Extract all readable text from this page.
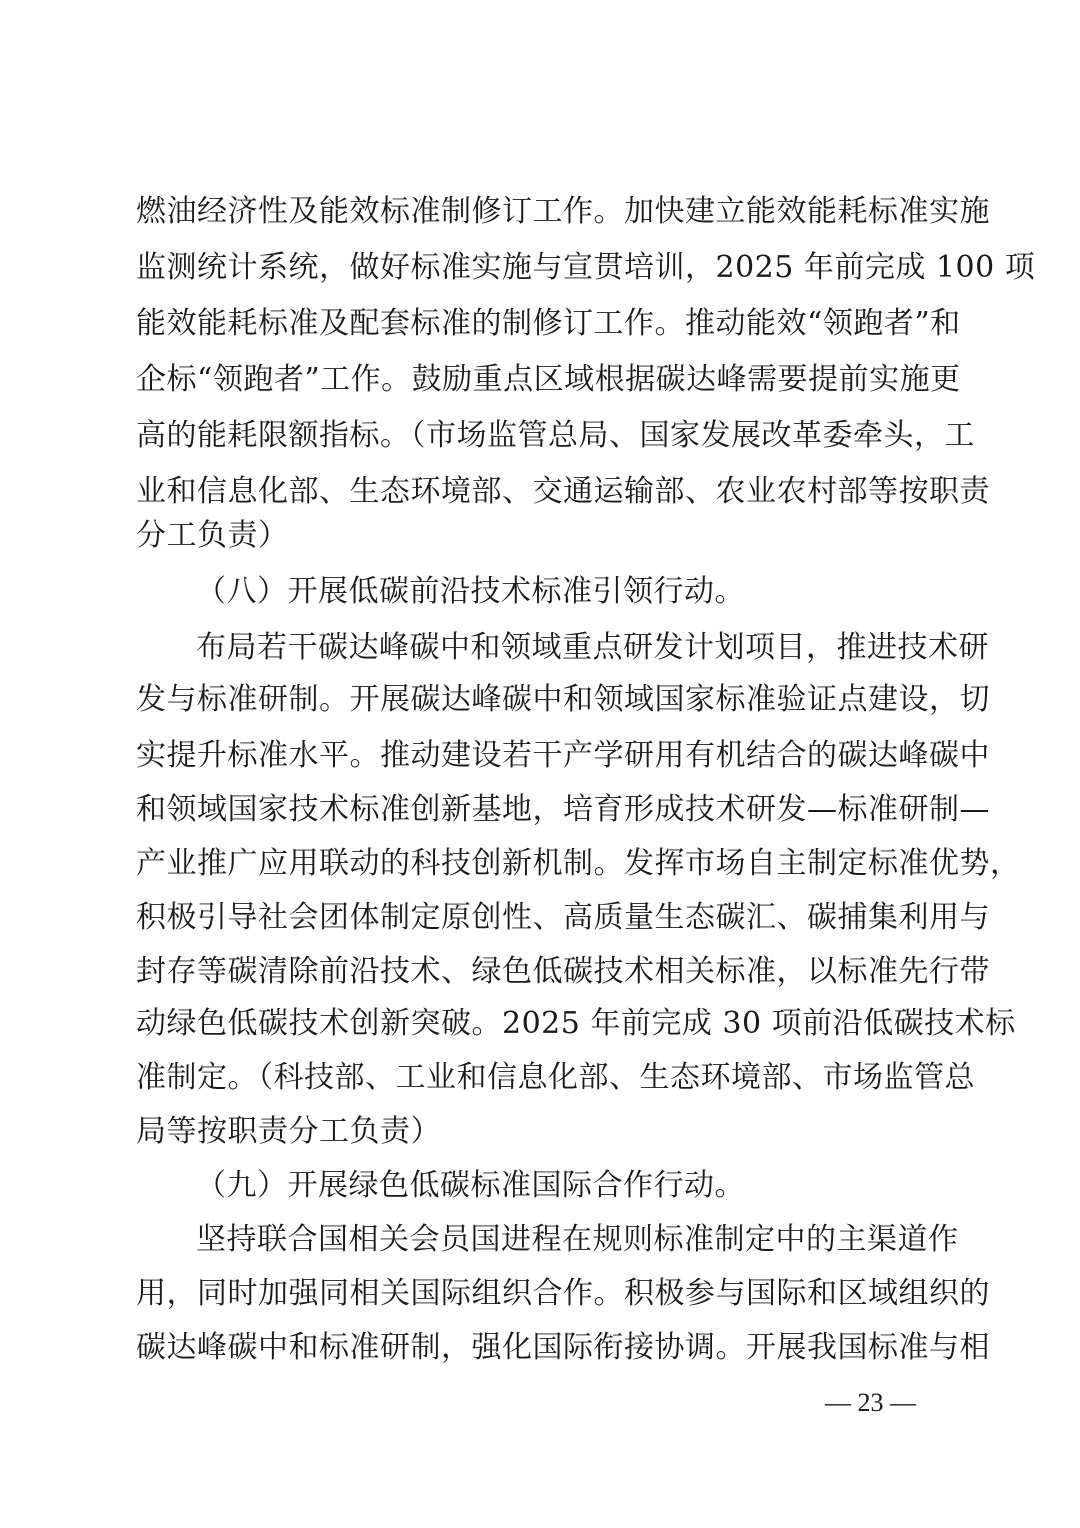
燃油经济性及能效标准制修订工作。加快建立能效能耗标准实施
监测统计系统，做好标准实施与宣贯培训，2025 年前完成 100 项
能效能耗标准及配套标准的制修订工作。推动能效“领跑者”和
企标“领跑者”工作。鼓励重点区域根据碳达峰需要提前实施更
高的能耗限额指标。（市场监管总局、国家发展改革委牵头，工
业和信息化部、生态环境部、交通运输部、农业农村部等按职责
分工负责）
（八）开展低碳前沿技术标准引领行动。
布局若干碳达峰碳中和领域重点研发计划项目，推进技术研
发与标准研制。开展碳达峰碳中和领域国家标准验证点建设，切
实提升标准水平。推动建设若干产学研用有机结合的碳达峰碳中
和领域国家技术标准创新基地，培育形成技术研发—标准研制—
产业推广应用联动的科技创新机制。发挥市场自主制定标准优势，
积极引导社会团体制定原创性、高质量生态碳汇、碳捕集利用与
封存等碳清除前沿技术、绿色低碳技术相关标准，以标准先行带
动绿色低碳技术创新突破。2025 年前完成 30 项前沿低碳技术标
准制定。（科技部、工业和信息化部、生态环境部、市场监管总
局等按职责分工负责）
（九）开展绿色低碳标准国际合作行动。
坚持联合国相关会员国进程在规则标准制定中的主渠道作
用，同时加强同相关国际组织合作。积极参与国际和区域组织的
碳达峰碳中和标准研制，强化国际衔接协调。开展我国标准与相
— 23 —
